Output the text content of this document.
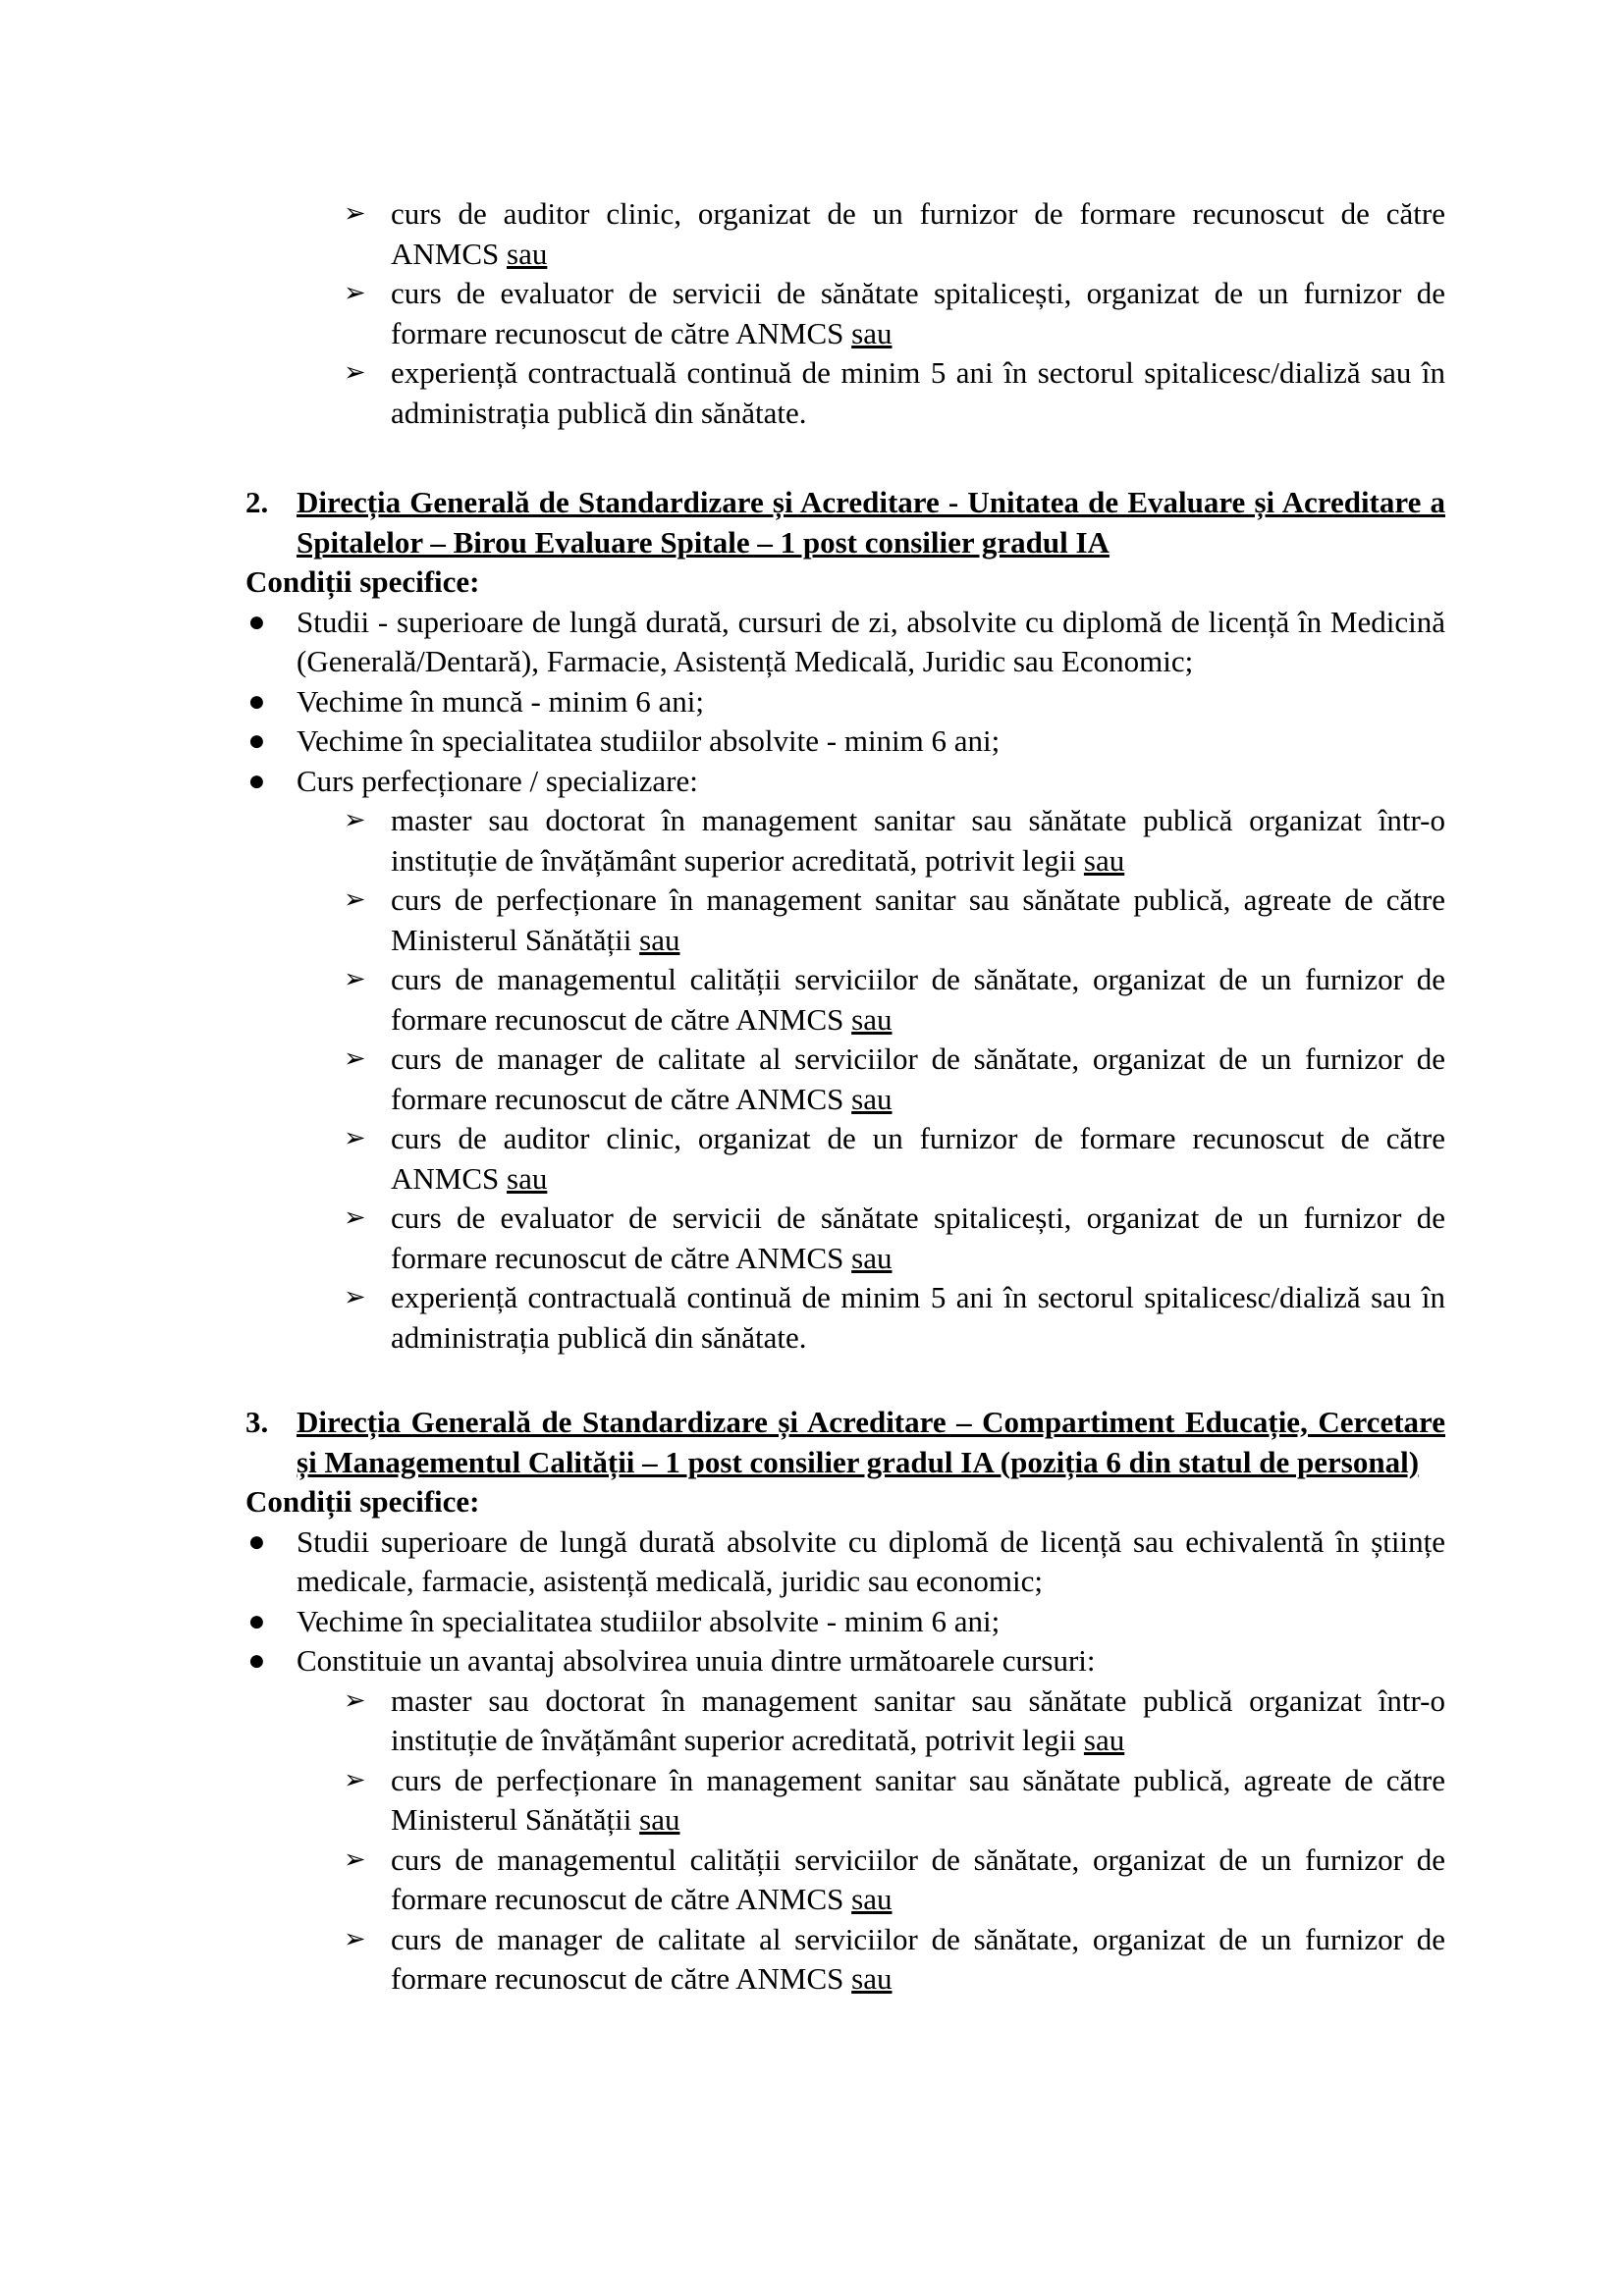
➢ curs de auditor clinic, organizat de un furnizor de formare recunoscut de către ANMCS sau
➢ curs de evaluator de servicii de sănătate spitalicești, organizat de un furnizor de formare recunoscut de către ANMCS sau
➢ experiență contractuală continuă de minim 5 ani în sectorul spitalicesc/dializă sau în administrația publică din sănătate.
2. Direcția Generală de Standardizare și Acreditare - Unitatea de Evaluare și Acreditare a Spitalelor – Birou Evaluare Spitale – 1 post consilier gradul IA
Condiții specifice:
● Studii - superioare de lungă durată, cursuri de zi, absolvite cu diplomă de licență în Medicină (Generală/Dentară), Farmacie, Asistență Medicală, Juridic sau Economic;
● Vechime în muncă - minim 6 ani;
● Vechime în specialitatea studiilor absolvite - minim 6 ani;
● Curs perfecționare / specializare:
➢ master sau doctorat în management sanitar sau sănătate publică organizat într-o instituție de învățământ superior acreditată, potrivit legii sau
➢ curs de perfecționare în management sanitar sau sănătate publică, agreate de către Ministerul Sănătății sau
➢ curs de managementul calității serviciilor de sănătate, organizat de un furnizor de formare recunoscut de către ANMCS sau
➢ curs de manager de calitate al serviciilor de sănătate, organizat de un furnizor de formare recunoscut de către ANMCS sau
➢ curs de auditor clinic, organizat de un furnizor de formare recunoscut de către ANMCS sau
➢ curs de evaluator de servicii de sănătate spitalicești, organizat de un furnizor de formare recunoscut de către ANMCS sau
➢ experiență contractuală continuă de minim 5 ani în sectorul spitalicesc/dializă sau în administrația publică din sănătate.
3. Direcția Generală de Standardizare și Acreditare – Compartiment Educație, Cercetare și Managementul Calității – 1 post consilier gradul IA (poziția 6 din statul de personal)
Condiții specifice:
● Studii superioare de lungă durată absolvite cu diplomă de licență sau echivalentă în științe medicale, farmacie, asistență medicală, juridic sau economic;
● Vechime în specialitatea studiilor absolvite - minim 6 ani;
● Constituie un avantaj absolvirea unuia dintre următoarele cursuri:
➢ master sau doctorat în management sanitar sau sănătate publică organizat într-o instituție de învățământ superior acreditată, potrivit legii sau
➢ curs de perfecționare în management sanitar sau sănătate publică, agreate de către Ministerul Sănătății sau
➢ curs de managementul calității serviciilor de sănătate, organizat de un furnizor de formare recunoscut de către ANMCS sau
➢ curs de manager de calitate al serviciilor de sănătate, organizat de un furnizor de formare recunoscut de către ANMCS sau
